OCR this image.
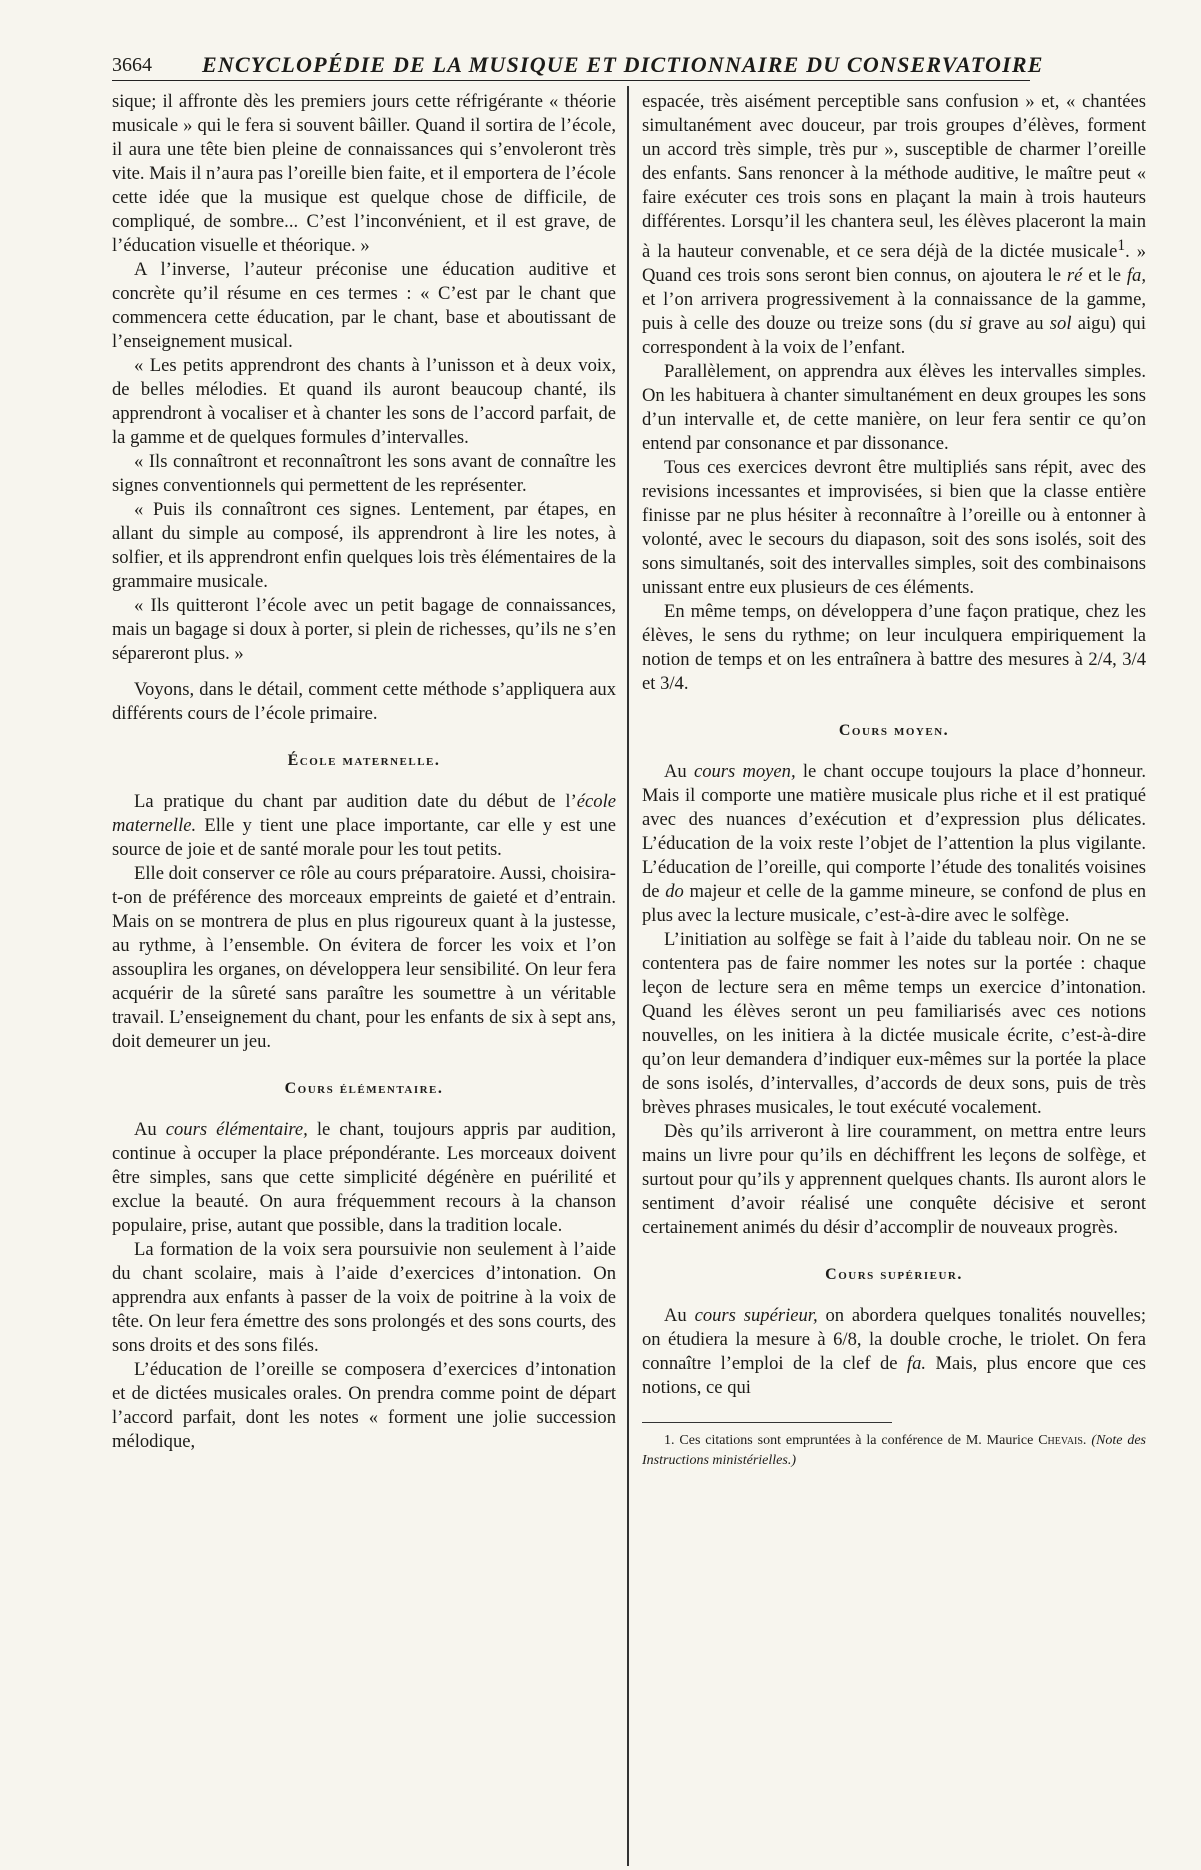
3664 ENCYCLOPÉDIE DE LA MUSIQUE ET DICTIONNAIRE DU CONSERVATOIRE

sique; il affronte dès les premiers jours cette réfrigérante « théorie musicale » qui le fera si souvent bâiller. Quand il sortira de l’école, il aura une tête bien pleine de connaissances qui s’envoleront très vite. Mais il n’aura pas l’oreille bien faite, et il emportera de l’école cette idée que la musique est quelque chose de difficile, de compliqué, de sombre... C’est l’inconvénient, et il est grave, de l’éducation visuelle et théorique. »

A l’inverse, l’auteur préconise une éducation auditive et concrète qu’il résume en ces termes : « C’est par le chant que commencera cette éducation, par le chant, base et aboutissant de l’enseignement musical.

« Les petits apprendront des chants à l’unisson et à deux voix, de belles mélodies. Et quand ils auront beaucoup chanté, ils apprendront à vocaliser et à chanter les sons de l’accord parfait, de la gamme et de quelques formules d’intervalles.

« Ils connaîtront et reconnaîtront les sons avant de connaître les signes conventionnels qui permettent de les représenter.

« Puis ils connaîtront ces signes. Lentement, par étapes, en allant du simple au composé, ils apprendront à lire les notes, à solfier, et ils apprendront enfin quelques lois très élémentaires de la grammaire musicale.

« Ils quitteront l’école avec un petit bagage de connaissances, mais un bagage si doux à porter, si plein de richesses, qu’ils ne s’en sépareront plus. »

Voyons, dans le détail, comment cette méthode s’appliquera aux différents cours de l’école primaire.

École maternelle.

La pratique du chant par audition date du début de l’école maternelle. Elle y tient une place importante, car elle y est une source de joie et de santé morale pour les tout petits.

Elle doit conserver ce rôle au cours préparatoire. Aussi, choisira-t-on de préférence des morceaux empreints de gaieté et d’entrain. Mais on se montrera de plus en plus rigoureux quant à la justesse, au rythme, à l’ensemble. On évitera de forcer les voix et l’on assouplira les organes, on développera leur sensibilité. On leur fera acquérir de la sûreté sans paraître les soumettre à un véritable travail. L’enseignement du chant, pour les enfants de six à sept ans, doit demeurer un jeu.

Cours élémentaire.

Au cours élémentaire, le chant, toujours appris par audition, continue à occuper la place prépondérante. Les morceaux doivent être simples, sans que cette simplicité dégénère en puérilité et exclue la beauté. On aura fréquemment recours à la chanson populaire, prise, autant que possible, dans la tradition locale.

La formation de la voix sera poursuivie non seulement à l’aide du chant scolaire, mais à l’aide d’exercices d’intonation. On apprendra aux enfants à passer de la voix de poitrine à la voix de tête. On leur fera émettre des sons prolongés et des sons courts, des sons droits et des sons filés.

L’éducation de l’oreille se composera d’exercices d’intonation et de dictées musicales orales. On prendra comme point de départ l’accord parfait, dont les notes « forment une jolie succession mélodique,

espacée, très aisément perceptible sans confusion » et, « chantées simultanément avec douceur, par trois groupes d’élèves, forment un accord très simple, très pur », susceptible de charmer l’oreille des enfants. Sans renoncer à la méthode auditive, le maître peut « faire exécuter ces trois sons en plaçant la main à trois hauteurs différentes. Lorsqu’il les chantera seul, les élèves placeront la main à la hauteur convenable, et ce sera déjà de la dictée musicale$^1$. » Quand ces trois sons seront bien connus, on ajoutera le ré et le fa, et l’on arrivera progressivement à la connaissance de la gamme, puis à celle des douze ou treize sons (du si grave au sol aigu) qui correspondent à la voix de l’enfant.

Parallèlement, on apprendra aux élèves les intervalles simples. On les habituera à chanter simultanément en deux groupes les sons d’un intervalle et, de cette manière, on leur fera sentir ce qu’on entend par consonance et par dissonance.

Tous ces exercices devront être multipliés sans répit, avec des revisions incessantes et improvisées, si bien que la classe entière finisse par ne plus hésiter à reconnaître à l’oreille ou à entonner à volonté, avec le secours du diapason, soit des sons isolés, soit des sons simultanés, soit des intervalles simples, soit des combinaisons unissant entre eux plusieurs de ces éléments.

En même temps, on développera d’une façon pratique, chez les élèves, le sens du rythme; on leur inculquera empiriquement la notion de temps et on les entraînera à battre des mesures à 2/4, 3/4 et 3/4.

Cours moyen.

Au cours moyen, le chant occupe toujours la place d’honneur. Mais il comporte une matière musicale plus riche et il est pratiqué avec des nuances d’exécution et d’expression plus délicates. L’éducation de la voix reste l’objet de l’attention la plus vigilante. L’éducation de l’oreille, qui comporte l’étude des tonalités voisines de do majeur et celle de la gamme mineure, se confond de plus en plus avec la lecture musicale, c’est-à-dire avec le solfège.

L’initiation au solfège se fait à l’aide du tableau noir. On ne se contentera pas de faire nommer les notes sur la portée : chaque leçon de lecture sera en même temps un exercice d’intonation. Quand les élèves seront un peu familiarisés avec ces notions nouvelles, on les initiera à la dictée musicale écrite, c’est-à-dire qu’on leur demandera d’indiquer eux-mêmes sur la portée la place de sons isolés, d’intervalles, d’accords de deux sons, puis de très brèves phrases musicales, le tout exécuté vocalement.

Dès qu’ils arriveront à lire couramment, on mettra entre leurs mains un livre pour qu’ils en déchiffrent les leçons de solfège, et surtout pour qu’ils y apprennent quelques chants. Ils auront alors le sentiment d’avoir réalisé une conquête décisive et seront certainement animés du désir d’accomplir de nouveaux progrès.

Cours supérieur.

Au cours supérieur, on abordera quelques tonalités nouvelles; on étudiera la mesure à 6/8, la double croche, le triolet. On fera connaître l’emploi de la clef de fa. Mais, plus encore que ces notions, ce qui

1. Ces citations sont empruntées à la conférence de M. Maurice Chevais. (Note des Instructions ministérielles.)
